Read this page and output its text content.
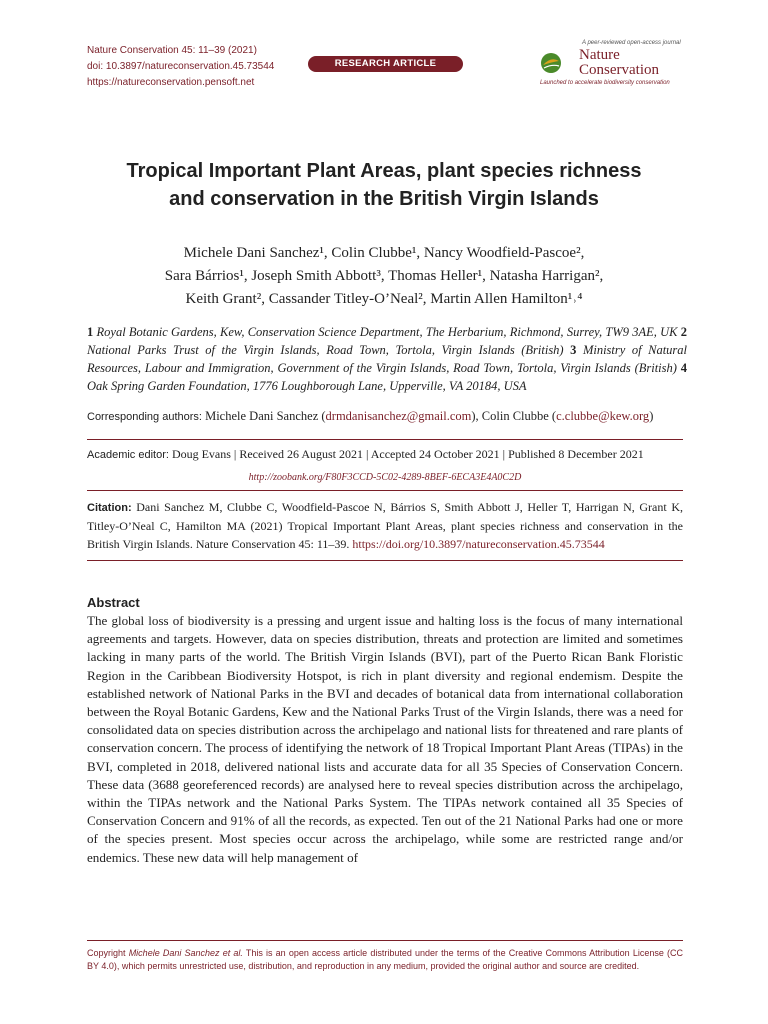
Nature Conservation 45: 11–39 (2021)
doi: 10.3897/natureconservation.45.73544
https://natureconservation.pensoft.net
RESEARCH ARTICLE
A peer-reviewed open-access journal
Nature
Conservation
Launched to accelerate biodiversity conservation
Tropical Important Plant Areas, plant species richness
and conservation in the British Virgin Islands
Michele Dani Sanchez¹, Colin Clubbe¹, Nancy Woodfield-Pascoe²,
Sara Bárrios¹, Joseph Smith Abbott³, Thomas Heller¹, Natasha Harrigan²,
Keith Grant², Cassander Titley-O’Neal², Martin Allen Hamilton¹˒⁴
1 Royal Botanic Gardens, Kew, Conservation Science Department, The Herbarium, Richmond, Surrey, TW9 3AE, UK 2 National Parks Trust of the Virgin Islands, Road Town, Tortola, Virgin Islands (British) 3 Ministry of Natural Resources, Labour and Immigration, Government of the Virgin Islands, Road Town, Tortola, Virgin Islands (British) 4 Oak Spring Garden Foundation, 1776 Loughborough Lane, Upperville, VA 20184, USA
Corresponding authors: Michele Dani Sanchez (drmdanisanchez@gmail.com), Colin Clubbe (c.clubbe@kew.org)
Academic editor: Doug Evans | Received 26 August 2021 | Accepted 24 October 2021 | Published 8 December 2021
http://zoobank.org/F80F3CCD-5C02-4289-8BEF-6ECA3E4A0C2D
Citation: Dani Sanchez M, Clubbe C, Woodfield-Pascoe N, Bárrios S, Smith Abbott J, Heller T, Harrigan N, Grant K, Titley-O’Neal C, Hamilton MA (2021) Tropical Important Plant Areas, plant species richness and conservation in the British Virgin Islands. Nature Conservation 45: 11–39. https://doi.org/10.3897/natureconservation.45.73544
Abstract
The global loss of biodiversity is a pressing and urgent issue and halting loss is the focus of many international agreements and targets. However, data on species distribution, threats and protection are limited and sometimes lacking in many parts of the world. The British Virgin Islands (BVI), part of the Puerto Rican Bank Floristic Region in the Caribbean Biodiversity Hotspot, is rich in plant diversity and regional endemism. Despite the established network of National Parks in the BVI and decades of botanical data from international collaboration between the Royal Botanic Gardens, Kew and the National Parks Trust of the Virgin Islands, there was a need for consolidated data on species distribution across the archipelago and national lists for threatened and rare plants of conservation concern. The process of identifying the network of 18 Tropical Important Plant Areas (TIPAs) in the BVI, completed in 2018, delivered national lists and accurate data for all 35 Species of Conservation Concern. These data (3688 georeferenced records) are analysed here to reveal species distribution across the archipelago, within the TIPAs network and the National Parks System. The TIPAs network contained all 35 Species of Conservation Concern and 91% of all the records, as expected. Ten out of the 21 National Parks had one or more of the species present. Most species occur across the archipelago, while some are restricted range and/or endemics. These new data will help management of
Copyright Michele Dani Sanchez et al. This is an open access article distributed under the terms of the Creative Commons Attribution License (CC BY 4.0), which permits unrestricted use, distribution, and reproduction in any medium, provided the original author and source are credited.
